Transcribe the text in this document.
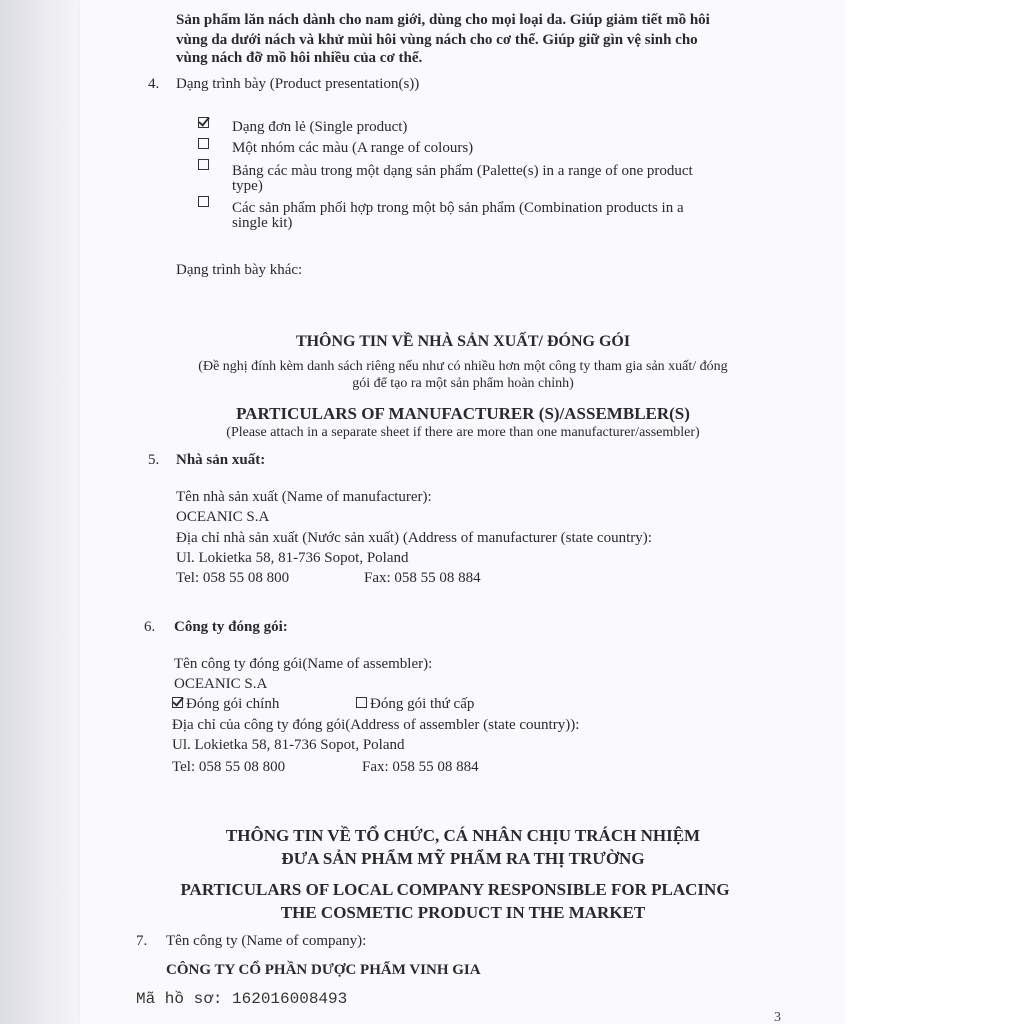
Sản phẩm lăn nách dành cho nam giới, dùng cho mọi loại da. Giúp giảm tiết mồ hôi
vùng da dưới nách và khử mùi hôi vùng nách cho cơ thể. Giúp giữ gìn vệ sinh cho
vùng nách đỡ mồ hôi nhiều của cơ thể.
4. Dạng trình bày (Product presentation(s))
Dạng đơn lẻ (Single product)
Một nhóm các màu (A range of colours)
Bảng các màu trong một dạng sản phẩm (Palette(s) in a range of one product
type)
Các sản phẩm phối hợp trong một bộ sản phẩm (Combination products in a
single kit)
Dạng trình bày khác:
THÔNG TIN VỀ NHÀ SẢN XUẤT/ ĐÓNG GÓI
(Đề nghị đính kèm danh sách riêng nếu như có nhiều hơn một công ty tham gia sản xuất/ đóng
gói để tạo ra một sản phẩm hoàn chỉnh)
PARTICULARS OF MANUFACTURER (S)/ASSEMBLER(S)
(Please attach in a separate sheet if there are more than one manufacturer/assembler)
5. Nhà sản xuất:
Tên nhà sản xuất (Name of manufacturer):
OCEANIC S.A
Địa chỉ nhà sản xuất (Nước sản xuất) (Address of manufacturer (state country):
Ul. Lokietka 58, 81-736 Sopot, Poland
Tel: 058 55 08 800	Fax: 058 55 08 884
6. Công ty đóng gói:
Tên công ty đóng gói(Name of assembler):
OCEANIC S.A
Đóng gói chính	Đóng gói thứ cấp
Địa chỉ của công ty đóng gói(Address of assembler (state country)):
Ul. Lokietka 58, 81-736 Sopot, Poland
Tel: 058 55 08 800	Fax: 058 55 08 884
THÔNG TIN VỀ TỔ CHỨC, CÁ NHÂN CHỊU TRÁCH NHIỆM
ĐƯA SẢN PHẨM MỸ PHẨM RA THỊ TRƯỜNG
PARTICULARS OF LOCAL COMPANY RESPONSIBLE FOR PLACING
THE COSMETIC PRODUCT IN THE MARKET
7. Tên công ty (Name of company):
CÔNG TY CỔ PHẦN DƯỢC PHẨM VINH GIA
Mã hồ sơ: 162016008493
3
